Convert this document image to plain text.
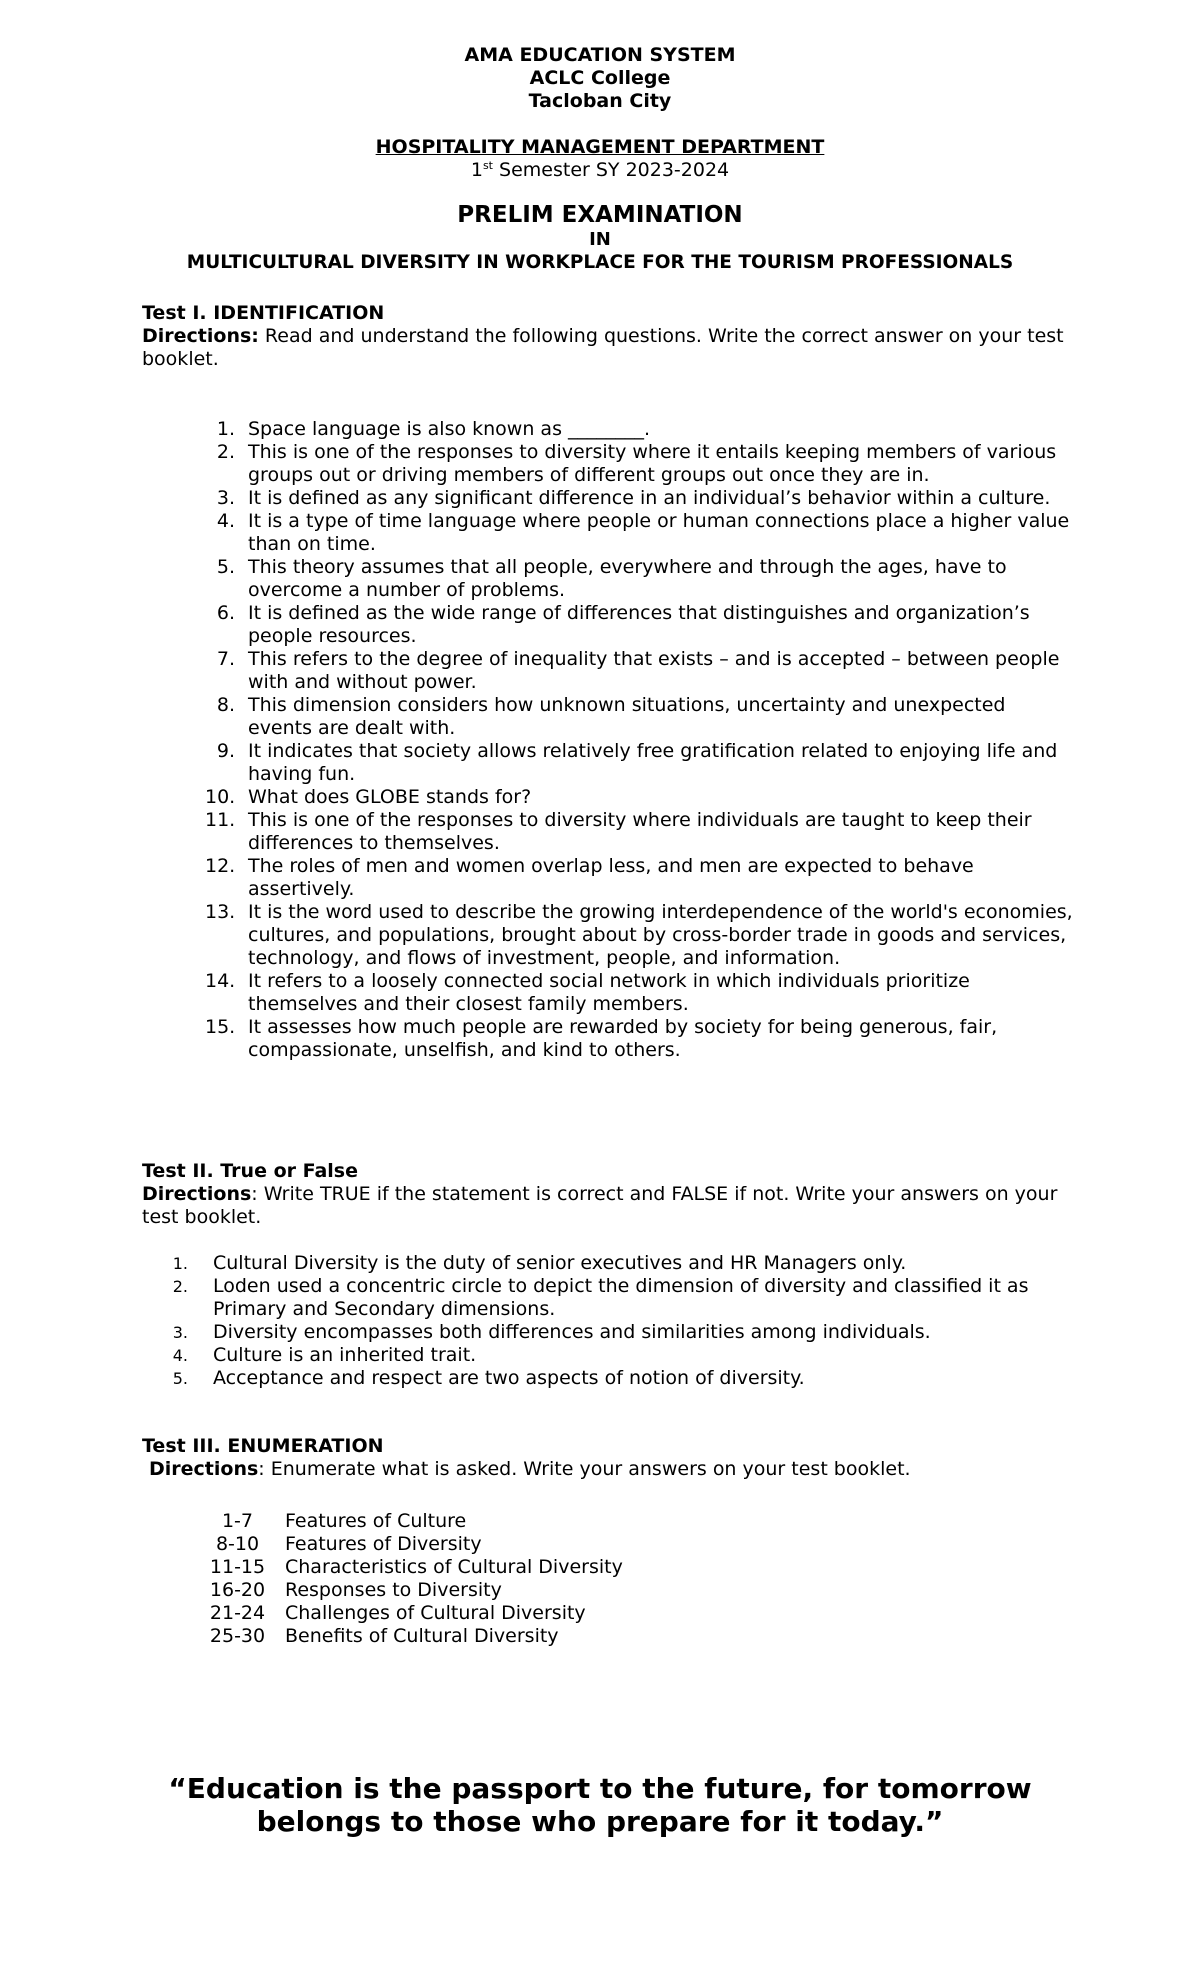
AMA EDUCATION SYSTEM
ACLC College
Tacloban City
HOSPITALITY MANAGEMENT DEPARTMENT
1st Semester SY 2023-2024
PRELIM EXAMINATION
IN
MULTICULTURAL DIVERSITY IN WORKPLACE FOR THE TOURISM PROFESSIONALS
Test I. IDENTIFICATION
Directions: Read and understand the following questions. Write the correct answer on your test booklet.
1. Space language is also known as ________.
2. This is one of the responses to diversity where it entails keeping members of various groups out or driving members of different groups out once they are in.
3. It is defined as any significant difference in an individual’s behavior within a culture.
4. It is a type of time language where people or human connections place a higher value than on time.
5. This theory assumes that all people, everywhere and through the ages, have to overcome a number of problems.
6. It is defined as the wide range of differences that distinguishes and organization’s people resources.
7. This refers to the degree of inequality that exists – and is accepted – between people with and without power.
8. This dimension considers how unknown situations, uncertainty and unexpected events are dealt with.
9. It indicates that society allows relatively free gratification related to enjoying life and having fun.
10. What does GLOBE stands for?
11. This is one of the responses to diversity where individuals are taught to keep their differences to themselves.
12. The roles of men and women overlap less, and men are expected to behave assertively.
13. It is the word used to describe the growing interdependence of the world's economies, cultures, and populations, brought about by cross-border trade in goods and services, technology, and flows of investment, people, and information.
14. It refers to a loosely connected social network in which individuals prioritize themselves and their closest family members.
15. It assesses how much people are rewarded by society for being generous, fair, compassionate, unselfish, and kind to others.
Test II. True or False
Directions: Write TRUE if the statement is correct and FALSE if not. Write your answers on your test booklet.
1. Cultural Diversity is the duty of senior executives and HR Managers only.
2. Loden used a concentric circle to depict the dimension of diversity and classified it as Primary and Secondary dimensions.
3. Diversity encompasses both differences and similarities among individuals.
4. Culture is an inherited trait.
5. Acceptance and respect are two aspects of notion of diversity.
Test III. ENUMERATION
Directions: Enumerate what is asked. Write your answers on your test booklet.
1-7	Features of Culture
8-10	Features of Diversity
11-15 Characteristics of Cultural Diversity
16-20 Responses to Diversity
21-24 Challenges of Cultural Diversity
25-30 Benefits of Cultural Diversity
“Education is the passport to the future, for tomorrow
belongs to those who prepare for it today.”
